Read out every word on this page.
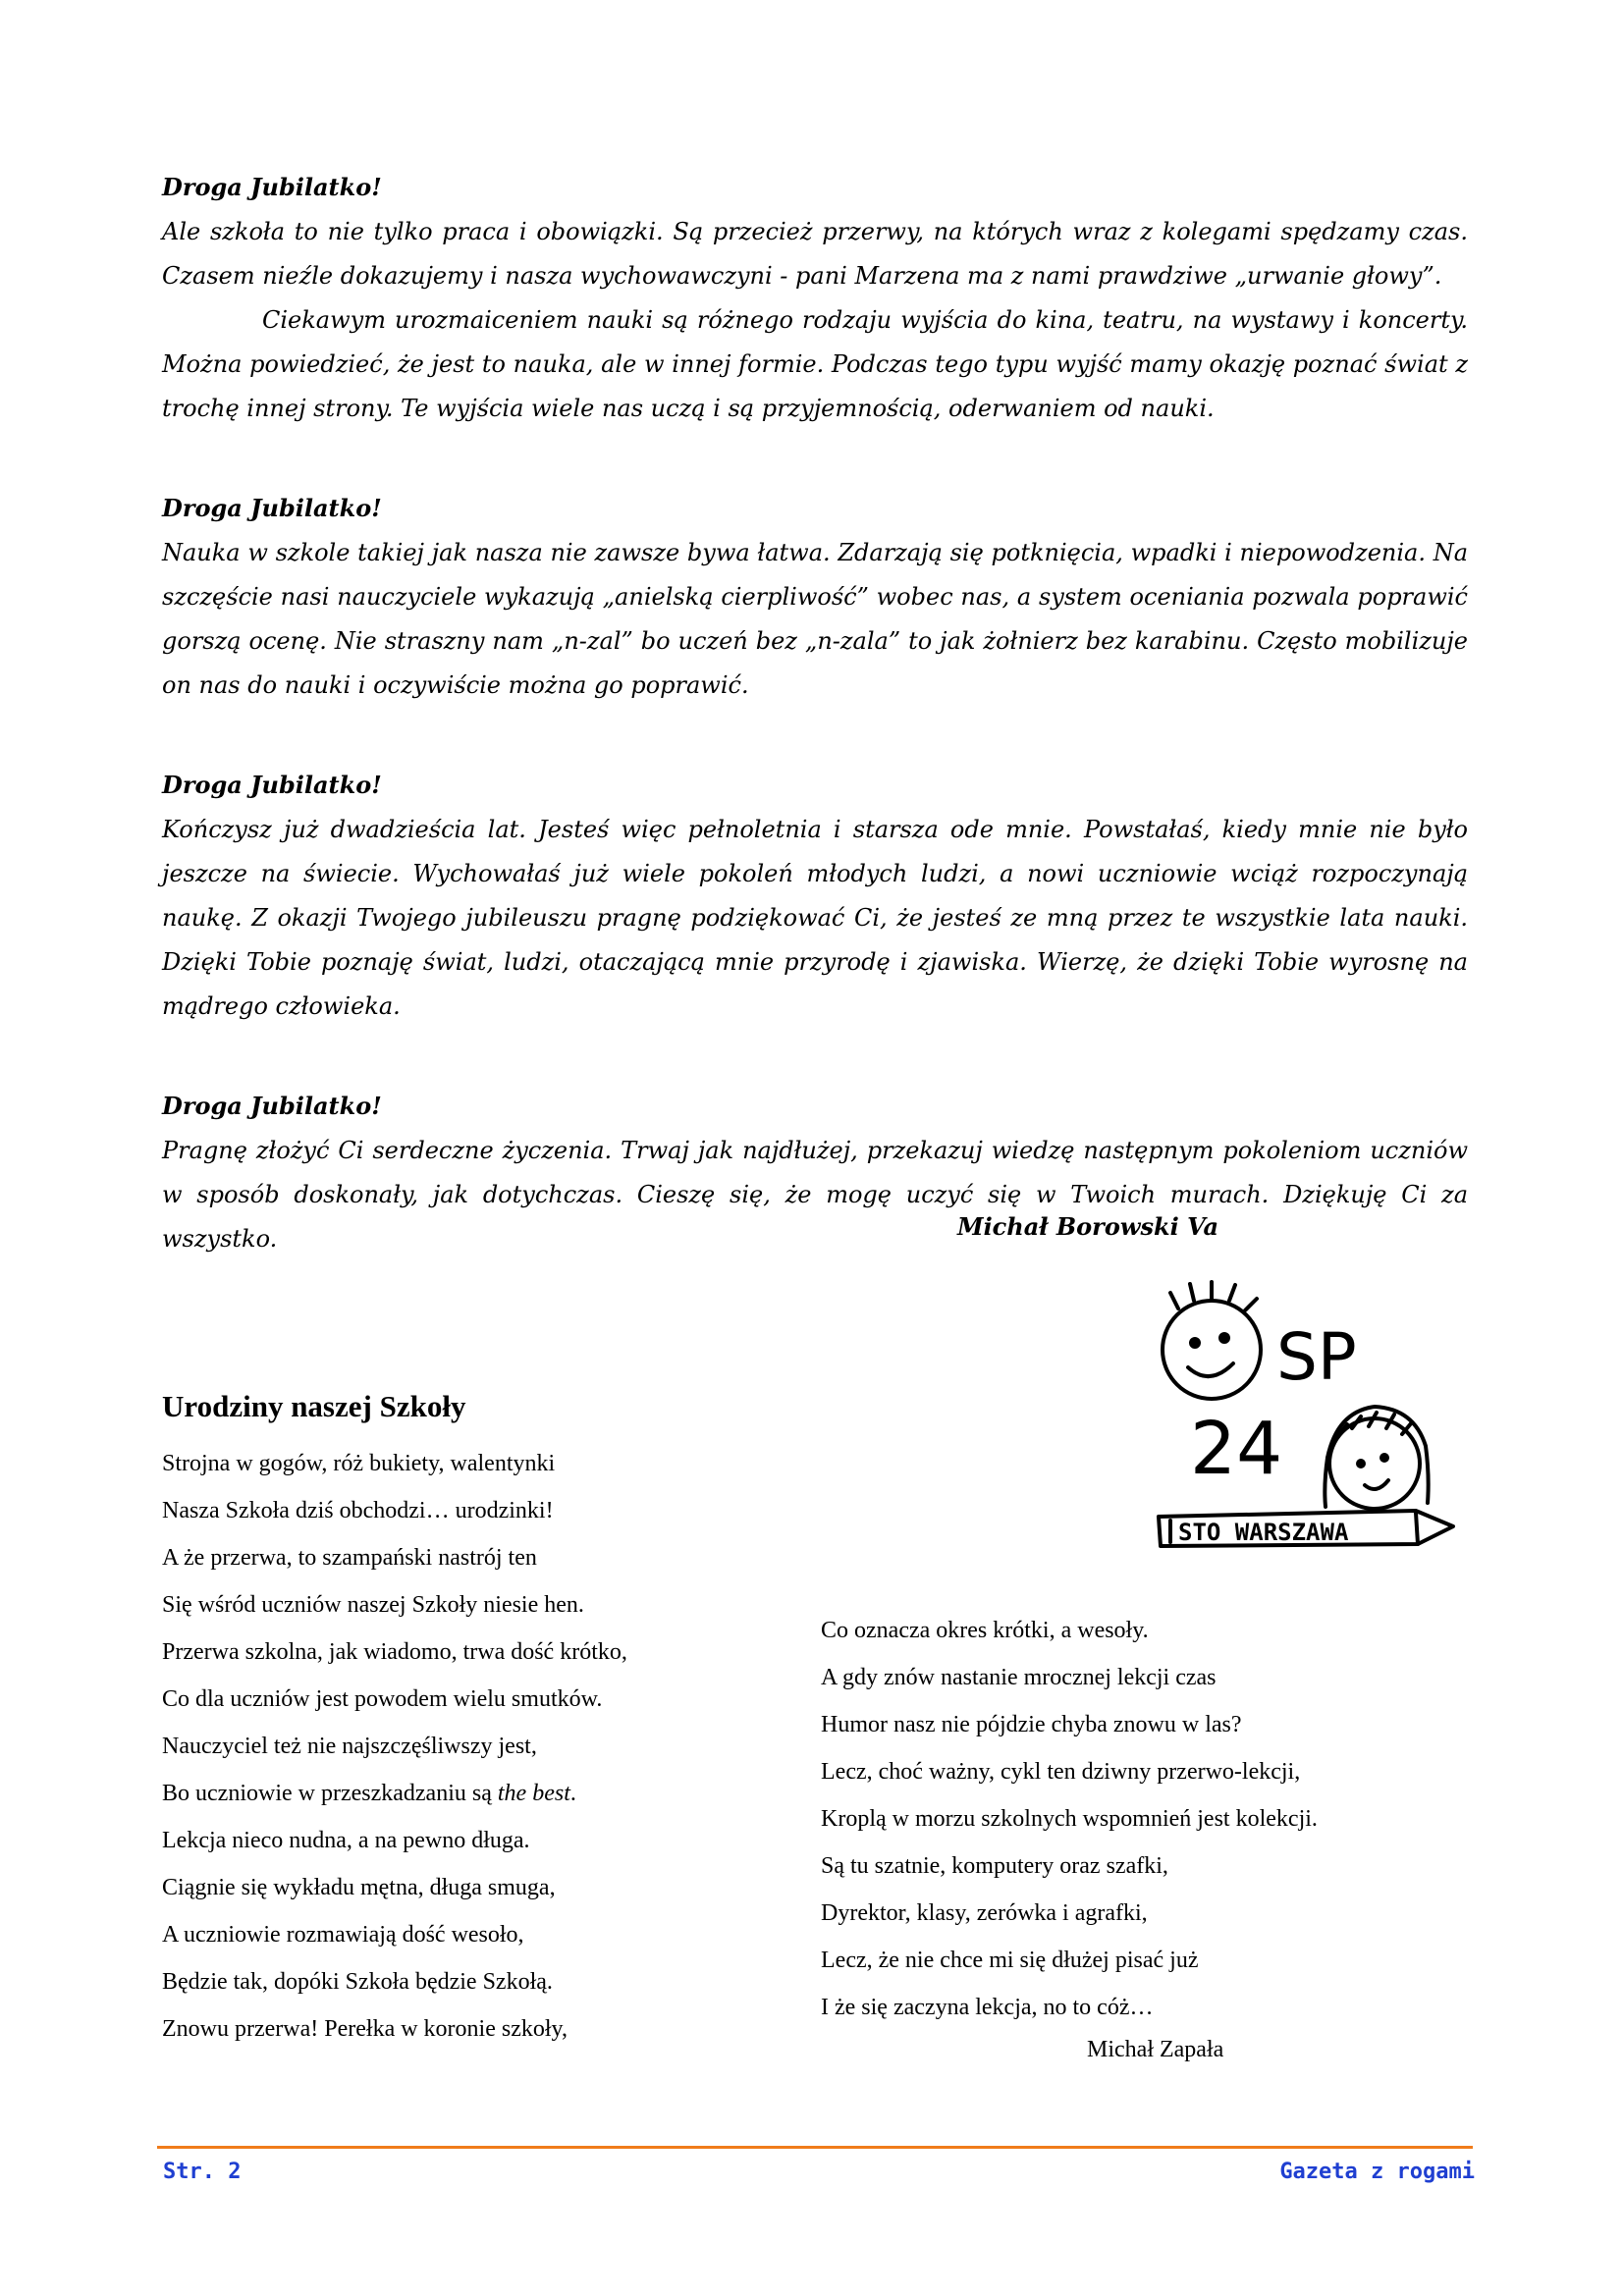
Droga Jubilatko!

Ale szkoła to nie tylko praca i obowiązki. Są przecież przerwy, na których wraz z kolegami spędzamy czas. Czasem nieźle dokazujemy i nasza wychowawczyni - pani Marzena ma z nami prawdziwe „urwanie głowy”.

Ciekawym urozmaiceniem nauki są różnego rodzaju wyjścia do kina, teatru, na wystawy i koncerty. Można powiedzieć, że jest to nauka, ale w innej formie. Podczas tego typu wyjść mamy okazję poznać świat z trochę innej strony. Te wyjścia wiele nas uczą i są przyjemnością, oderwaniem od nauki.

Droga Jubilatko!

Nauka w szkole takiej jak nasza nie zawsze bywa łatwa. Zdarzają się potknięcia, wpadki i niepowodzenia. Na szczęście nasi nauczyciele wykazują „anielską cierpliwość” wobec nas, a system oceniania pozwala poprawić gorszą ocenę. Nie straszny nam „n-zal” bo uczeń bez „n-zala” to jak żołnierz bez karabinu. Często mobilizuje on nas do nauki i oczywiście można go poprawić.

Droga Jubilatko!

Kończysz już dwadzieścia lat. Jesteś więc pełnoletnia i starsza ode mnie. Powstałaś, kiedy mnie nie było jeszcze na świecie. Wychowałaś już wiele pokoleń młodych ludzi, a nowi uczniowie wciąż rozpoczynają naukę. Z okazji Twojego jubileuszu pragnę podziękować Ci, że jesteś ze mną przez te wszystkie lata nauki. Dzięki Tobie poznaję świat, ludzi, otaczającą mnie przyrodę i zjawiska. Wierzę, że dzięki Tobie wyrosnę na mądrego człowieka.

Droga Jubilatko!

Pragnę złożyć Ci serdeczne życzenia. Trwaj jak najdłużej, przekazuj wiedzę następnym pokoleniom uczniów w sposób doskonały, jak dotychczas. Cieszę się, że mogę uczyć się w Twoich murach. Dziękuję Ci za wszystko.	Michał Borowski Va
SP
24
STO WARSZAWA
Urodziny naszej Szkoły
Strojna w gogów, róż bukiety, walentynki
Nasza Szkoła dziś obchodzi… urodzinki!
A że przerwa, to szampański nastrój ten
Się wśród uczniów naszej Szkoły niesie hen.
Przerwa szkolna, jak wiadomo, trwa dość krótko,
Co dla uczniów jest powodem wielu smutków.
Nauczyciel też nie najszczęśliwszy jest,
Bo uczniowie w przeszkadzaniu są the best.
Lekcja nieco nudna, a na pewno długa.
Ciągnie się wykładu mętna, długa smuga,
A uczniowie rozmawiają dość wesoło,
Będzie tak, dopóki Szkoła będzie Szkołą.
Znowu przerwa! Perełka w koronie szkoły,
Co oznacza okres krótki, a wesoły.
A gdy znów nastanie mrocznej lekcji czas
Humor nasz nie pójdzie chyba znowu w las?
Lecz, choć ważny, cykl ten dziwny przerwo-lekcji,
Kroplą w morzu szkolnych wspomnień jest kolekcji.
Są tu szatnie, komputery oraz szafki,
Dyrektor, klasy, zerówka i agrafki,
Lecz, że nie chce mi się dłużej pisać już
I że się zaczyna lekcja, no to cóż…
Michał Zapała
Str. 2	Gazeta z rogami
